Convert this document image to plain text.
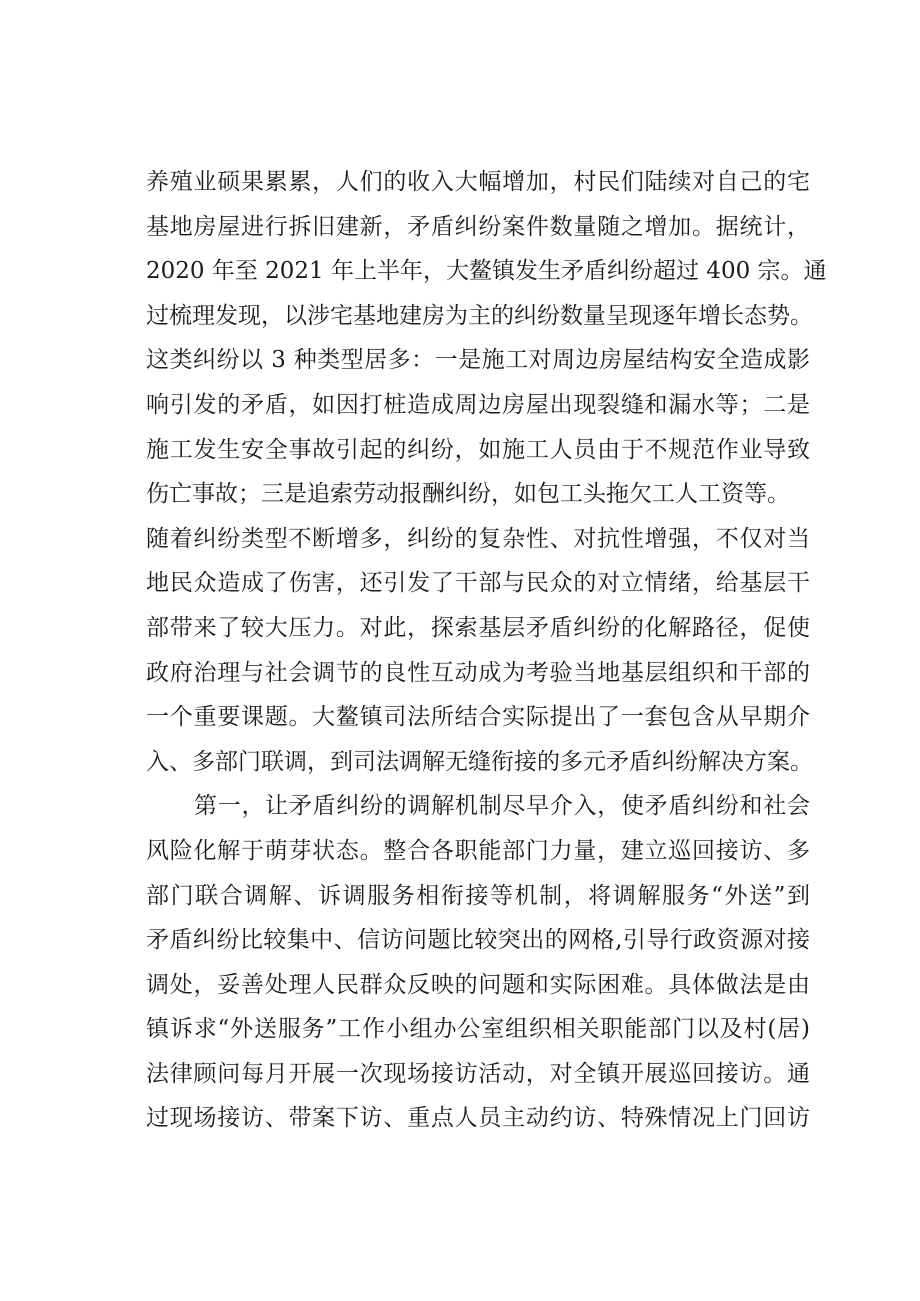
养殖业硕果累累，人们的收入大幅增加，村民们陆续对自己的宅
基地房屋进行拆旧建新，矛盾纠纷案件数量随之增加。据统计，
2020 年至 2021 年上半年，大鳌镇发生矛盾纠纷超过 400 宗。通
过梳理发现，以涉宅基地建房为主的纠纷数量呈现逐年增长态势。
这类纠纷以 3 种类型居多：一是施工对周边房屋结构安全造成影
响引发的矛盾，如因打桩造成周边房屋出现裂缝和漏水等；二是
施工发生安全事故引起的纠纷，如施工人员由于不规范作业导致
伤亡事故；三是追索劳动报酬纠纷，如包工头拖欠工人工资等。
随着纠纷类型不断增多，纠纷的复杂性、对抗性增强，不仅对当
地民众造成了伤害，还引发了干部与民众的对立情绪，给基层干
部带来了较大压力。对此，探索基层矛盾纠纷的化解路径，促使
政府治理与社会调节的良性互动成为考验当地基层组织和干部的
一个重要课题。大鳌镇司法所结合实际提出了一套包含从早期介
入、多部门联调，到司法调解无缝衔接的多元矛盾纠纷解决方案。
第一，让矛盾纠纷的调解机制尽早介入，使矛盾纠纷和社会
风险化解于萌芽状态。整合各职能部门力量，建立巡回接访、多
部门联合调解、诉调服务相衔接等机制，将调解服务“外送”到
矛盾纠纷比较集中、信访问题比较突出的网格,引导行政资源对接
调处，妥善处理人民群众反映的问题和实际困难。具体做法是由
镇诉求“外送服务”工作小组办公室组织相关职能部门以及村(居)
法律顾问每月开展一次现场接访活动，对全镇开展巡回接访。通
过现场接访、带案下访、重点人员主动约访、特殊情况上门回访
